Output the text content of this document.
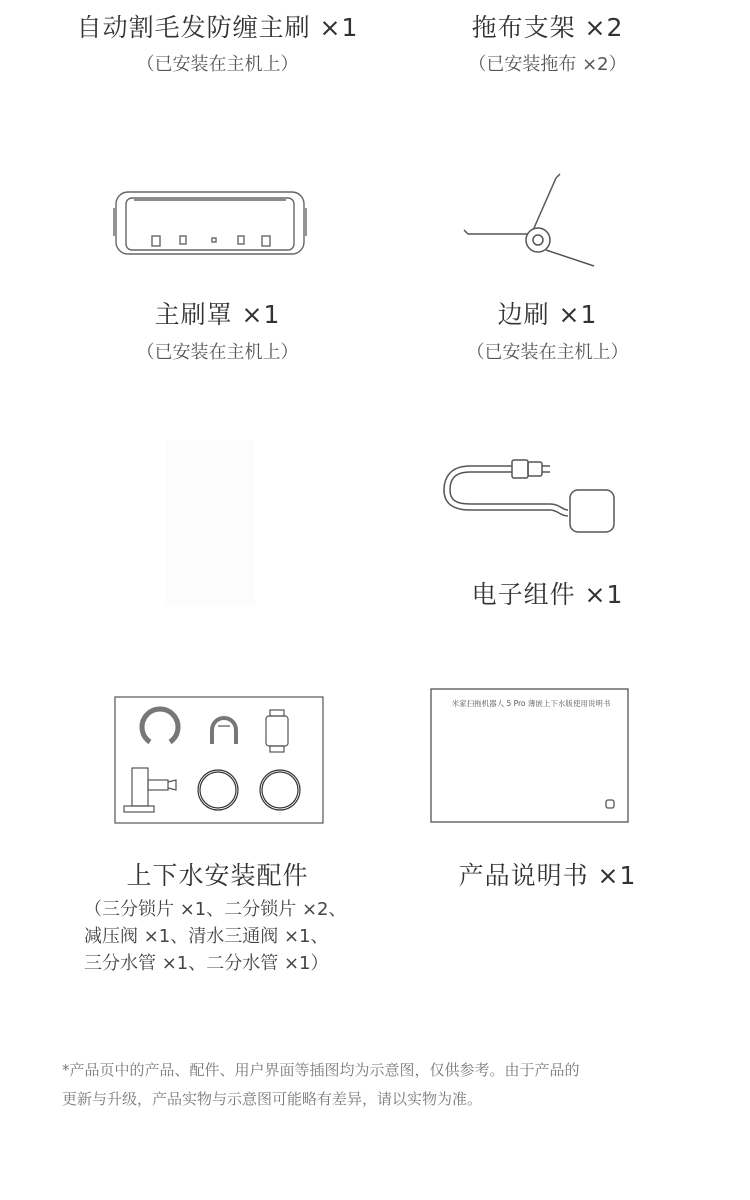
自动割毛发防缠主刷 ×1
（已安装在主机上）
拖布支架 ×2
（已安装拖布 ×2）
主刷罩 ×1
（已安装在主机上）
边刷 ×1
（已安装在主机上）
电子组件 ×1
米家扫拖机器人 5 Pro 薄嵌上下水版使用说明书
上下水安装配件
（三分锁片 ×1、二分锁片 ×2、
减压阀 ×1、清水三通阀 ×1、
三分水管 ×1、二分水管 ×1）
产品说明书 ×1
*产品页中的产品、配件、用户界面等插图均为示意图，仅供参考。由于产品的
更新与升级，产品实物与示意图可能略有差异，请以实物为准。
